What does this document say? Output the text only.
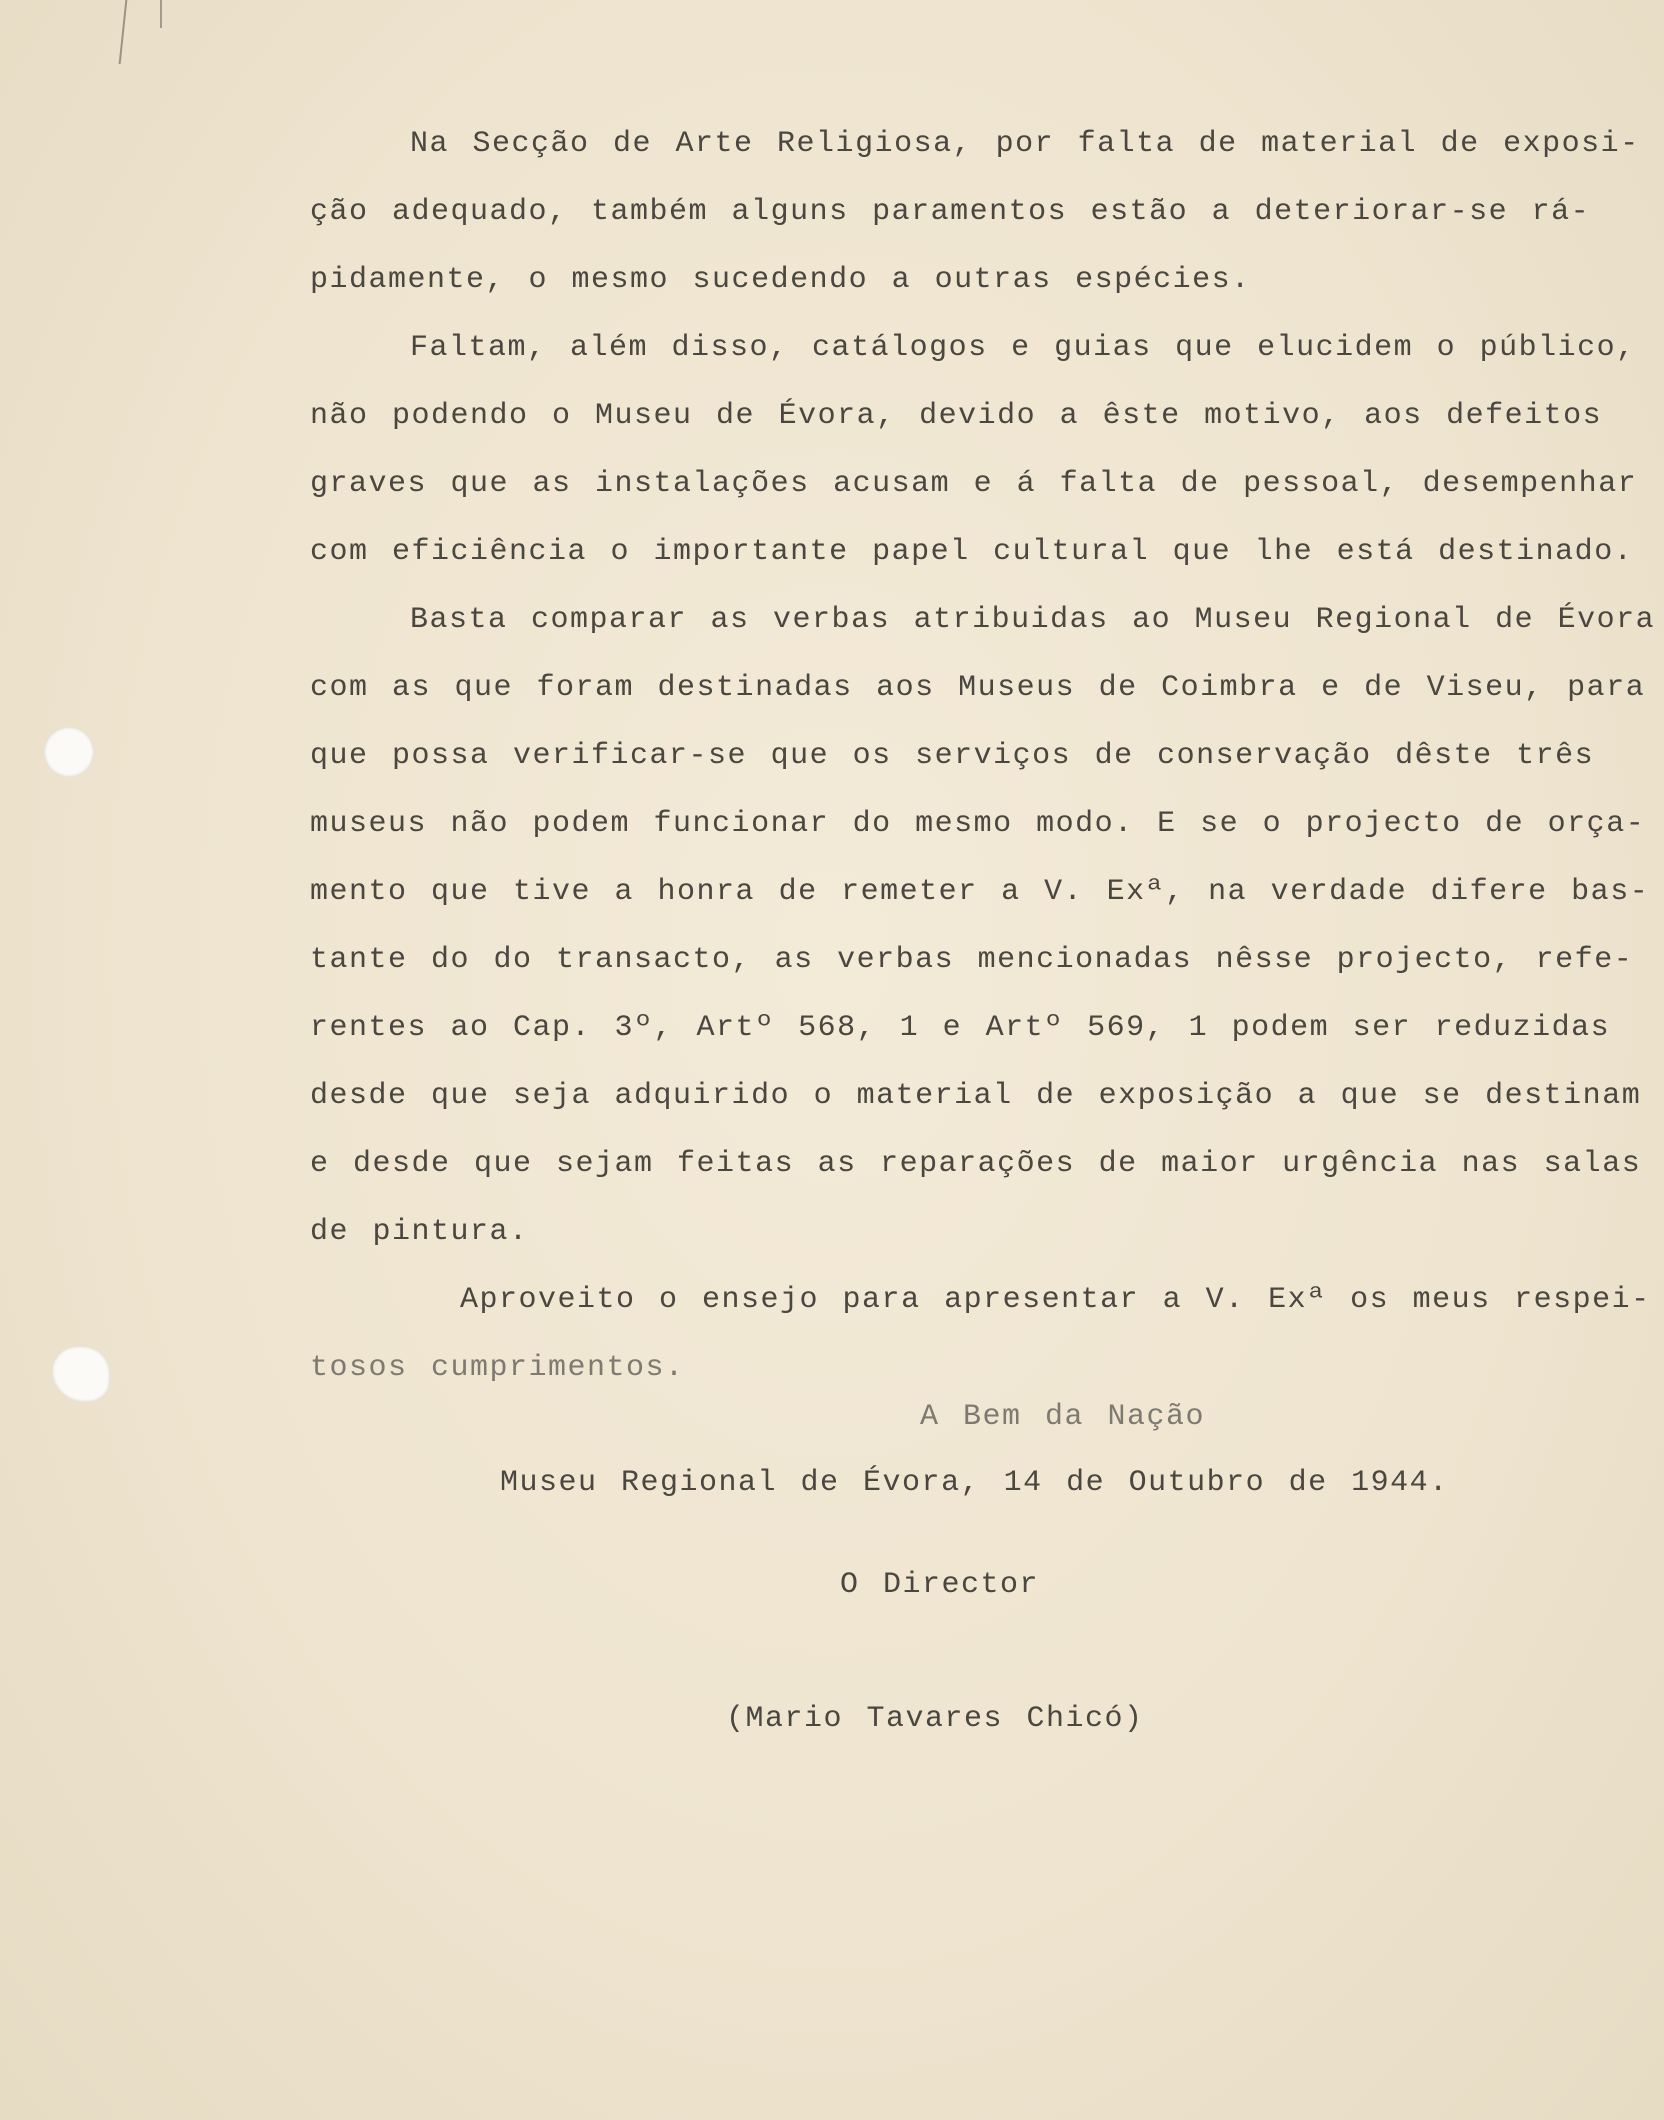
Na Secção de Arte Religiosa, por falta de material de exposi-
ção adequado, também alguns paramentos estão a deteriorar-se rá-
pidamente, o mesmo sucedendo a outras espécies.
Faltam, além disso, catálogos e guias que elucidem o público,
não podendo o Museu de Évora, devido a êste motivo, aos defeitos
graves que as instalações acusam e á falta de pessoal, desempenhar
com eficiência o importante papel cultural que lhe está destinado.
Basta comparar as verbas atribuidas ao Museu Regional de Évora
com as que foram destinadas aos Museus de Coimbra e de Viseu, para
que possa verificar-se que os serviços de conservação dêste três
museus não podem funcionar do mesmo modo. E se o projecto de orça-
mento que tive a honra de remeter a V. Exª, na verdade difere bas-
tante do do transacto, as verbas mencionadas nêsse projecto, refe-
rentes ao Cap. 3º, Artº 568, 1 e Artº 569, 1 podem ser reduzidas
desde que seja adquirido o material de exposição a que se destinam
e desde que sejam feitas as reparações de maior urgência nas salas
de pintura.
Aproveito o ensejo para apresentar a V. Exª os meus respei-
tosos cumprimentos.
A Bem da Nação
Museu Regional de Évora, 14 de Outubro de 1944.
O Director
(Mario Tavares Chicó)
